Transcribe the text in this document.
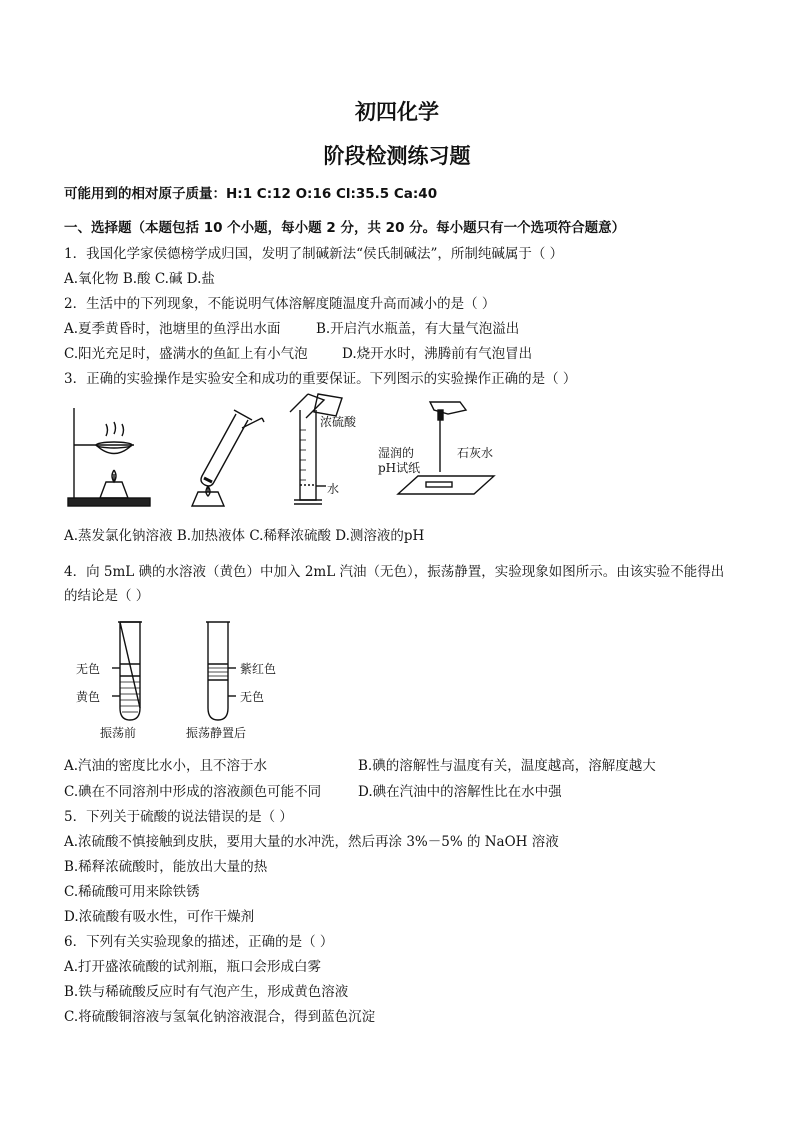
初四化学
阶段检测练习题
可能用到的相对原子质量：H:1 C:12 O:16 Cl:35.5 Ca:40
一、选择题（本题包括 10 个小题，每小题 2 分，共 20 分。每小题只有一个选项符合题意）
1．我国化学家侯德榜学成归国，发明了制碱新法“侯氏制碱法”，所制纯碱属于（ ）
A.氧化物 B.酸 C.碱 D.盐
2．生活中的下列现象，不能说明气体溶解度随温度升高而减小的是（ ）
A.夏季黄昏时，池塘里的鱼浮出水面	B.开启汽水瓶盖，有大量气泡溢出
C.阳光充足时，盛满水的鱼缸上有小气泡	D.烧开水时，沸腾前有气泡冒出
3．正确的实验操作是实验安全和成功的重要保证。下列图示的实验操作正确的是（ ）
浓硫酸
水
湿润的
pH试纸
石灰水
A.蒸发氯化钠溶液 B.加热液体 C.稀释浓硫酸 D.测溶液的pH
4．向 5mL 碘的水溶液（黄色）中加入 2mL 汽油（无色），振荡静置，实验现象如图所示。由该实验不能得出
的结论是（ ）
无色
黄色
紫红色
无色
振荡前	振荡静置后
A.汽油的密度比水小，且不溶于水	B.碘的溶解性与温度有关，温度越高，溶解度越大
C.碘在不同溶剂中形成的溶液颜色可能不同	D.碘在汽油中的溶解性比在水中强
5．下列关于硫酸的说法错误的是（ ）
A.浓硫酸不慎接触到皮肤，要用大量的水冲洗，然后再涂 3%－5% 的 NaOH 溶液
B.稀释浓硫酸时，能放出大量的热
C.稀硫酸可用来除铁锈
D.浓硫酸有吸水性，可作干燥剂
6．下列有关实验现象的描述，正确的是（ ）
A.打开盛浓硫酸的试剂瓶，瓶口会形成白雾
B.铁与稀硫酸反应时有气泡产生，形成黄色溶液
C.将硫酸铜溶液与氢氧化钠溶液混合，得到蓝色沉淀
